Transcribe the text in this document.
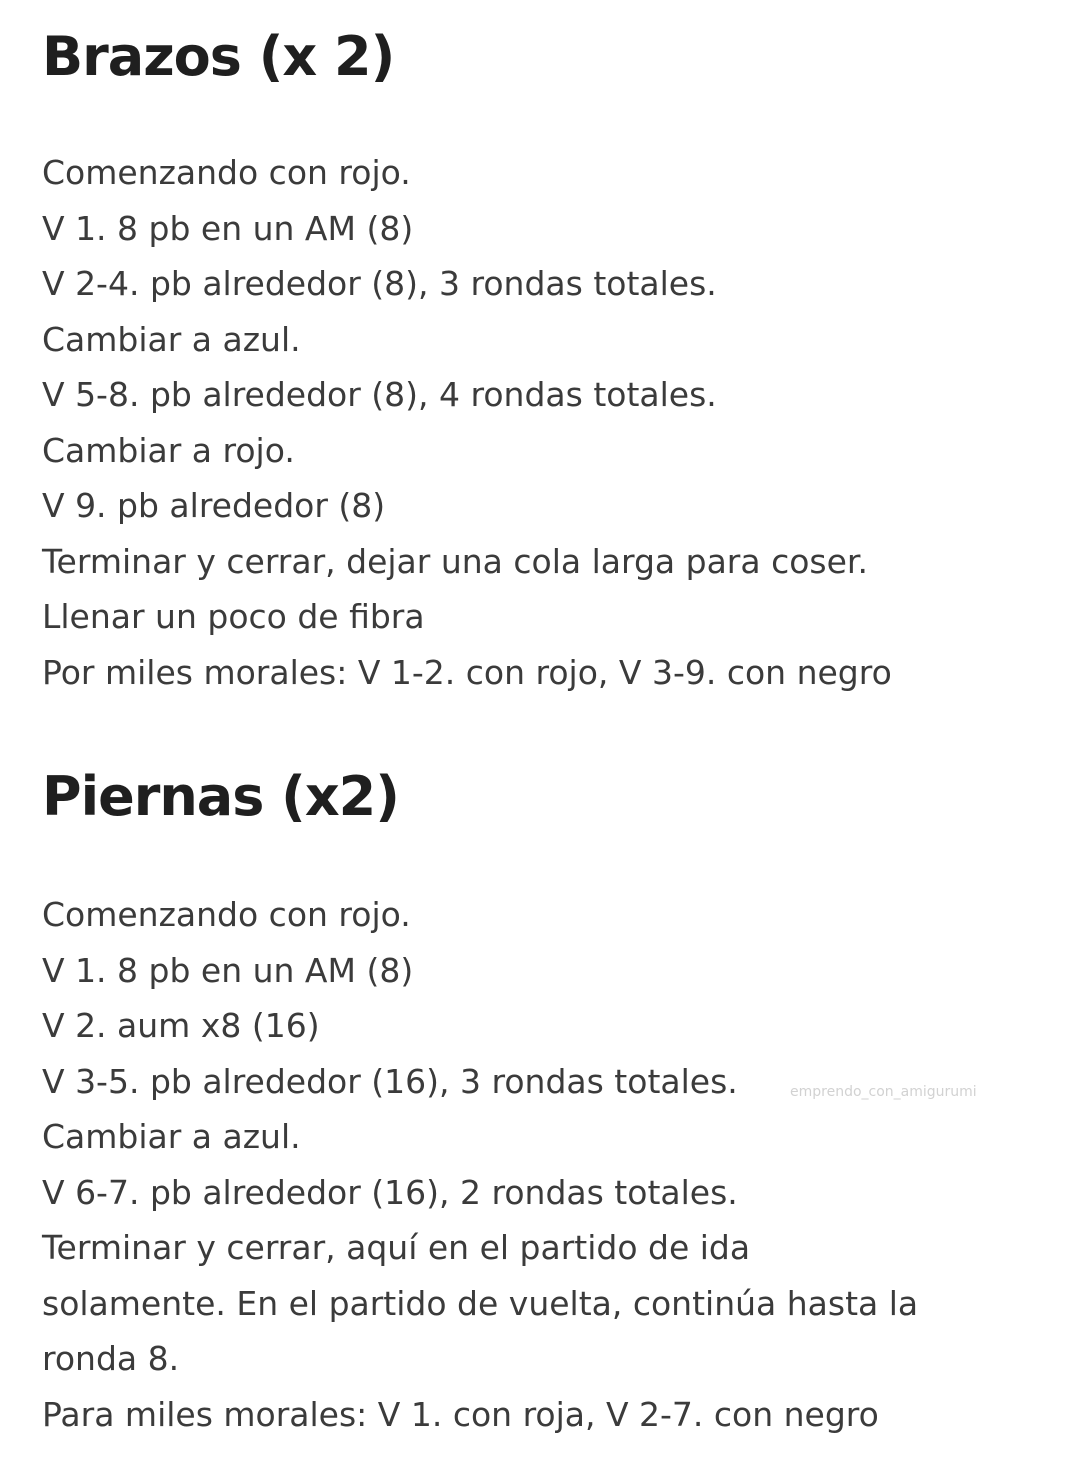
Brazos (x 2)
Comenzando con rojo.
V 1. 8 pb en un AM (8)
V 2-4. pb alrededor (8), 3 rondas totales.
Cambiar a azul.
V 5-8. pb alrededor (8), 4 rondas totales.
Cambiar a rojo.
V 9. pb alrededor (8)
Terminar y cerrar, dejar una cola larga para coser.
Llenar un poco de fibra
Por miles morales: V 1-2. con rojo, V 3-9. con negro
Piernas (x2)
Comenzando con rojo.
V 1. 8 pb en un AM (8)
V 2. aum x8 (16)
V 3-5. pb alrededor (16), 3 rondas totales.
Cambiar a azul.
V 6-7. pb alrededor (16), 2 rondas totales.
Terminar y cerrar, aquí en el partido de ida
solamente. En el partido de vuelta, continúa hasta la
ronda 8.
Para miles morales: V 1. con roja, V 2-7. con negro
emprendo_con_amigurumi
